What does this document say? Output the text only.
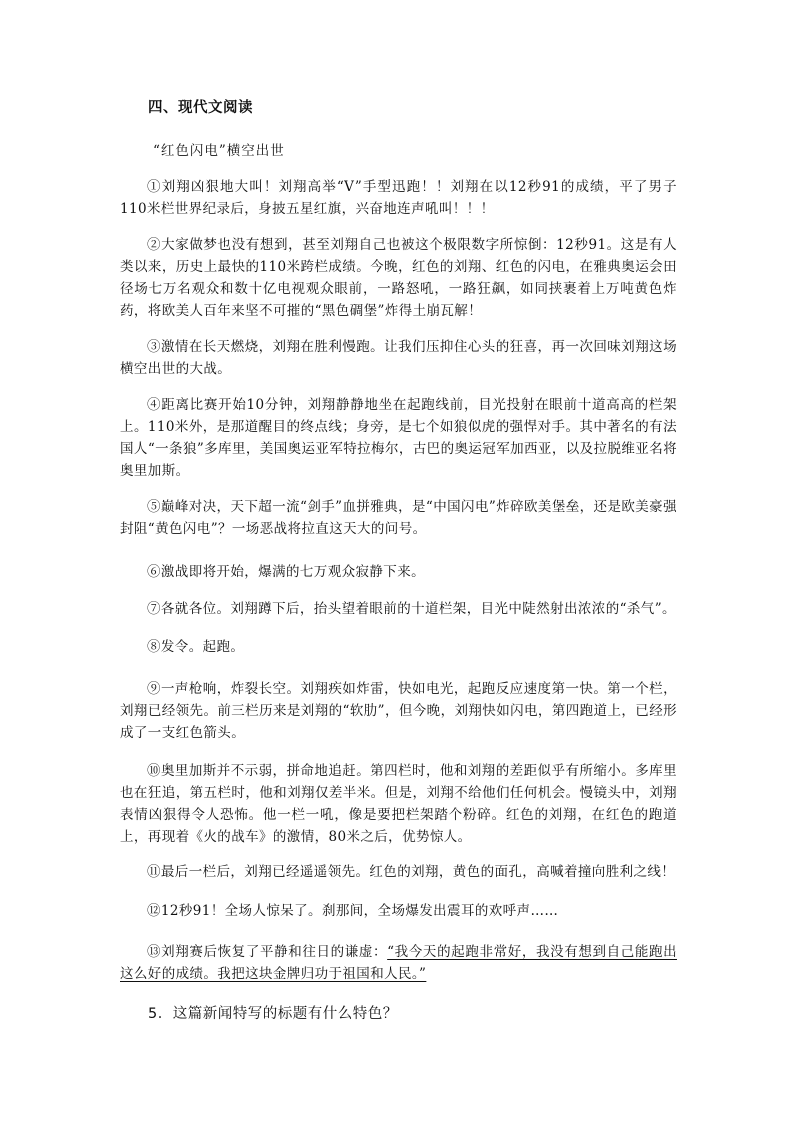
四、现代文阅读
“红色闪电”横空出世

①刘翔凶狠地大叫！刘翔高举“V”手型迅跑！！刘翔在以12秒91的成绩，平了男子110米栏世界纪录后，身披五星红旗，兴奋地连声吼叫！！！

②大家做梦也没有想到，甚至刘翔自己也被这个极限数字所惊倒：12秒91。这是有人类以来，历史上最快的110米跨栏成绩。今晚，红色的刘翔、红色的闪电，在雅典奥运会田径场七万名观众和数十亿电视观众眼前，一路怒吼，一路狂飙，如同挟裹着上万吨黄色炸药，将欧美人百年来坚不可摧的“黑色碉堡”炸得土崩瓦解！

③激情在长天燃烧，刘翔在胜利慢跑。让我们压抑住心头的狂喜，再一次回味刘翔这场横空出世的大战。

④距离比赛开始10分钟，刘翔静静地坐在起跑线前，目光投射在眼前十道高高的栏架上。110米外，是那道醒目的终点线；身旁，是七个如狼似虎的强悍对手。其中著名的有法国人“一条狼”多库里，美国奥运亚军特拉梅尔，古巴的奥运冠军加西亚，以及拉脱维亚名将奥里加斯。

⑤巅峰对决，天下超一流“剑手”血拼雅典，是“中国闪电”炸碎欧美堡垒，还是欧美豪强封阻“黄色闪电”？一场恶战将拉直这天大的问号。

⑥激战即将开始，爆满的七万观众寂静下来。

⑦各就各位。刘翔蹲下后，抬头望着眼前的十道栏架，目光中陡然射出浓浓的“杀气”。

⑧发令。起跑。

⑨一声枪响，炸裂长空。刘翔疾如炸雷，快如电光，起跑反应速度第一快。第一个栏，刘翔已经领先。前三栏历来是刘翔的“软肋”，但今晚，刘翔快如闪电，第四跑道上，已经形成了一支红色箭头。

⑩奥里加斯并不示弱，拼命地追赶。第四栏时，他和刘翔的差距似乎有所缩小。多库里也在狂追，第五栏时，他和刘翔仅差半米。但是，刘翔不给他们任何机会。慢镜头中，刘翔表情凶狠得令人恐怖。他一栏一吼，像是要把栏架踏个粉碎。红色的刘翔，在红色的跑道上，再现着《火的战车》的激情，80米之后，优势惊人。

⑪最后一栏后，刘翔已经遥遥领先。红色的刘翔，黄色的面孔，高喊着撞向胜利之线！

⑫12秒91！全场人惊呆了。刹那间，全场爆发出震耳的欢呼声……

⑬刘翔赛后恢复了平静和往日的谦虚：“我今天的起跑非常好，我没有想到自己能跑出这么好的成绩。我把这块金牌归功于祖国和人民。”

5．这篇新闻特写的标题有什么特色？
